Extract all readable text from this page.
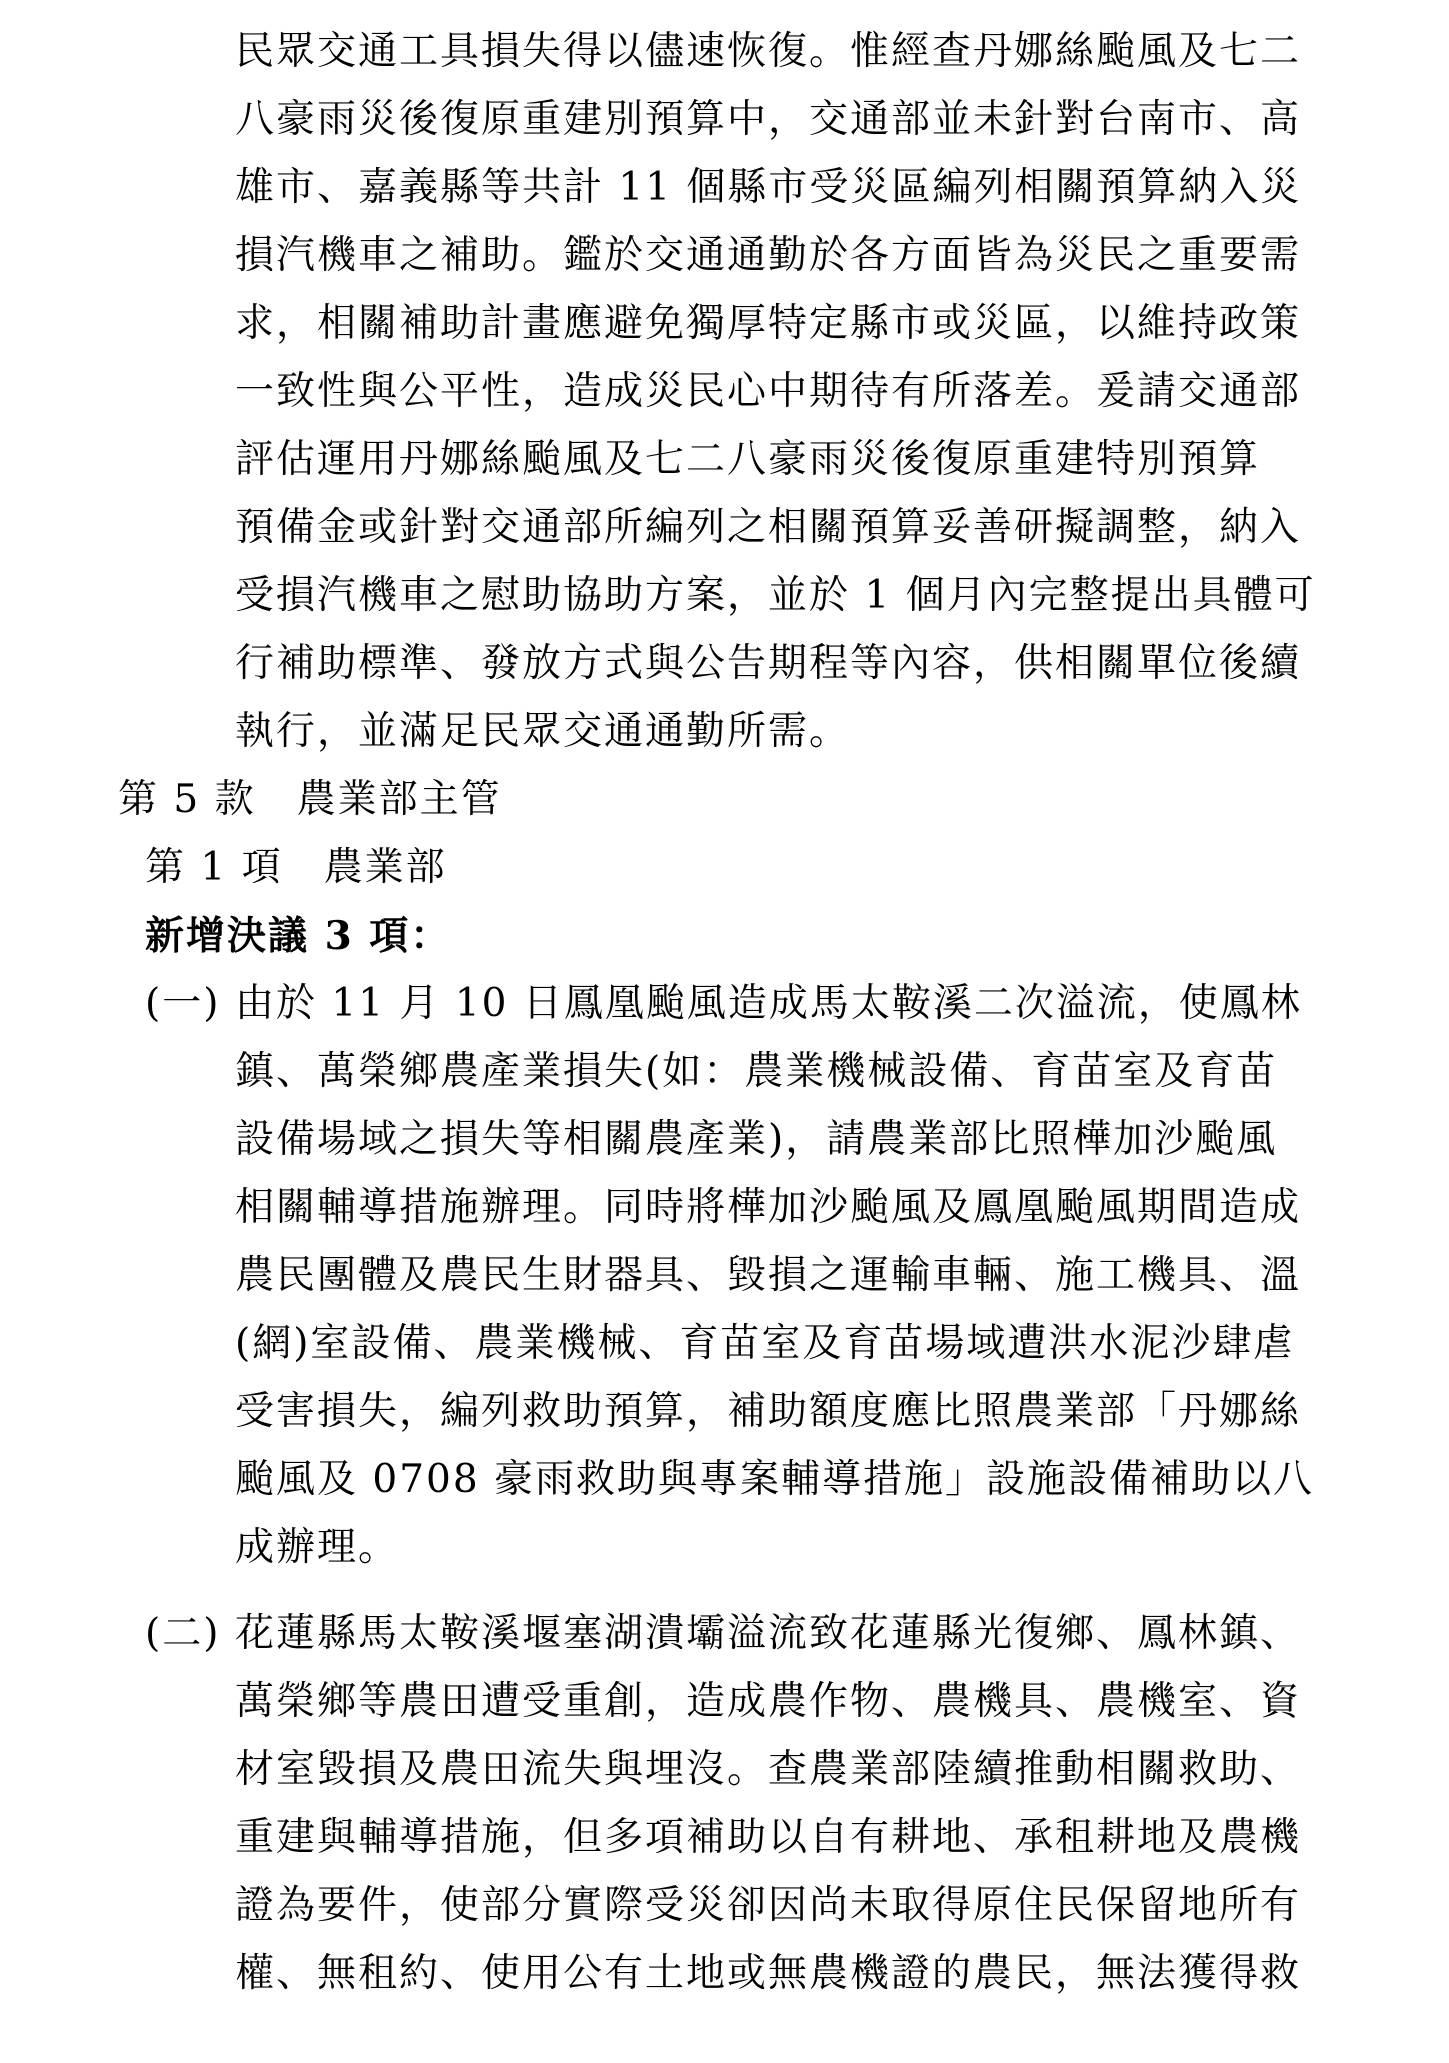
民眾交通工具損失得以儘速恢復。惟經查丹娜絲颱風及七二
八豪雨災後復原重建別預算中，交通部並未針對台南市、高
雄市、嘉義縣等共計 11 個縣市受災區編列相關預算納入災
損汽機車之補助。鑑於交通通勤於各方面皆為災民之重要需
求，相關補助計畫應避免獨厚特定縣市或災區，以維持政策
一致性與公平性，造成災民心中期待有所落差。爰請交通部
評估運用丹娜絲颱風及七二八豪雨災後復原重建特別預算
預備金或針對交通部所編列之相關預算妥善研擬調整，納入
受損汽機車之慰助協助方案，並於 1 個月內完整提出具體可
行補助標準、發放方式與公告期程等內容，供相關單位後續
執行，並滿足民眾交通通勤所需。
第 5 款　農業部主管
第 1 項　農業部
新增決議 3 項：
(一) 由於 11 月 10 日鳳凰颱風造成馬太鞍溪二次溢流，使鳳林
鎮、萬榮鄉農產業損失(如：農業機械設備、育苗室及育苗
設備場域之損失等相關農產業)，請農業部比照樺加沙颱風
相關輔導措施辦理。同時將樺加沙颱風及鳳凰颱風期間造成
農民團體及農民生財器具、毀損之運輸車輛、施工機具、溫
(網)室設備、農業機械、育苗室及育苗場域遭洪水泥沙肆虐
受害損失，編列救助預算，補助額度應比照農業部「丹娜絲
颱風及 0708 豪雨救助與專案輔導措施」設施設備補助以八
成辦理。
(二) 花蓮縣馬太鞍溪堰塞湖潰壩溢流致花蓮縣光復鄉、鳳林鎮、
萬榮鄉等農田遭受重創，造成農作物、農機具、農機室、資
材室毀損及農田流失與埋沒。查農業部陸續推動相關救助、
重建與輔導措施，但多項補助以自有耕地、承租耕地及農機
證為要件，使部分實際受災卻因尚未取得原住民保留地所有
權、無租約、使用公有土地或無農機證的農民，無法獲得救
